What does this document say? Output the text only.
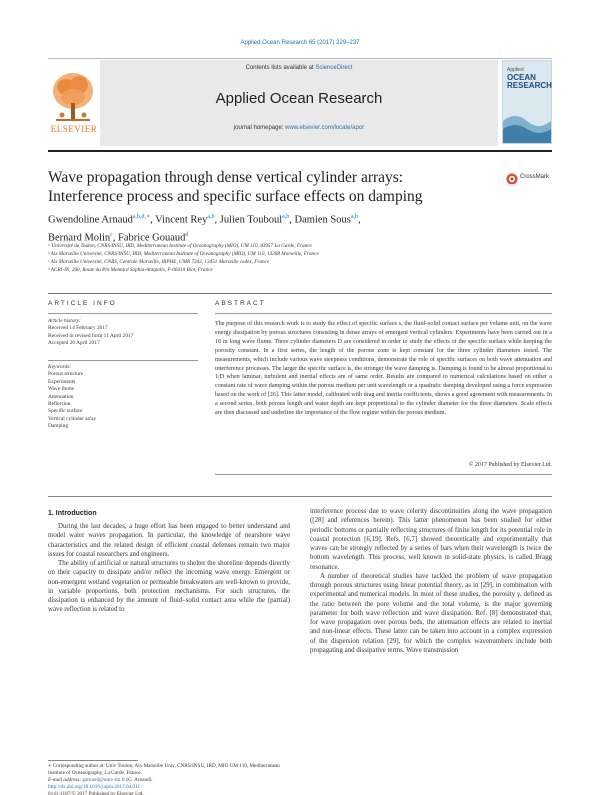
Applied Ocean Research 65 (2017) 229–237
ELSEVIER
Contents lists available at ScienceDirect
Applied Ocean Research
journal homepage: www.elsevier.com/locate/apor
Applied
OCEAN RESEARCH
Wave propagation through dense vertical cylinder arrays: Interference process and specific surface effects on damping
CrossMark
Gwendoline Arnaud$^{a,b,d,∗}$, Vincent Rey$^{a,b}$, Julien Touboul$^{a,b}$, Damien Sous$^{a,b}$,
Bernard Molin$^c$, Fabrice Gouaud$^d$
ᵃ Université de Toulon, CNRS/INSU, IRD, Mediterranean Institute of Oceanography (MIO), UM 110, 83957 La Garde, France
ᵇ Aix Marseille Université, CNRS/INSU, IRD, Mediterranean Institute of Oceanography (MIO), UM 110, 13288 Marseille, France
ᶜ Aix Marseille Université, CNRS, Centrale Marseille, IRPHE, UMR 7342, 13451 Marseille cedex, France
ᵈ ACRI-IN, 260, Route du Pin Montard Sophia-Antipolis, F-06410 Biot, France
ARTICLE INFO
Article history:
Received 14 February 2017
Received in revised form 11 April 2017
Accepted 20 April 2017
Keywords:
Porous structure
Experiments
Wave flume
Attenuation
Reflection
Specific surface
Vertical cylinder array
Damping
ABSTRACT
The purpose of this research work is to study the effect of specific surface s, the fluid–solid contact surface per volume unit, on the wave energy dissipation by porous structures consisting in dense arrays of emergent vertical cylinders. Experiments have been carried out in a 10 m long wave flume. Three cylinder diameters D are considered in order to study the effects of the specific surface while keeping the porosity constant. In a first series, the length of the porous zone is kept constant for the three cylinder diameters tested. The measurements, which include various wave steepness conditions, demonstrate the role of specific surfaces on both wave attenuation and interference processes. The larger the specific surface is, the stronger the wave damping is. Damping is found to be almost proportional to 1/D when laminar, turbulent and inertial effects are of same order. Results are compared to numerical calculations based on either a constant rate of wave damping within the porous medium per unit wavelength or a quadratic damping developed using a force expression based on the work of [26]. This latter model, calibrated with drag and inertia coefficients, shows a good agreement with measurements. In a second series, both porous length and water depth are kept proportional to the cylinder diameter for the three diameters. Scale effects are then discussed and underline the importance of the flow regime within the porous medium.
© 2017 Published by Elsevier Ltd.
1. Introduction

During the last decades, a huge effort has been engaged to better understand and model water waves propagation. In particular, the knowledge of nearshore wave characteristics and the related design of efficient coastal defenses remain two major issues for coastal researchers and engineers.

The ability of artificial or natural structures to shelter the shoreline depends directly on their capacity to dissipate and/or reflect the incoming wave energy. Emergent or non-emergent wetland vegetation or permeable breakwaters are well-known to provide, in variable proportions, both protection mechanisms. For such structures, the dissipation is enhanced by the amount of fluid–solid contact area while the (partial) wave reflection is related to

interference process due to wave celerity discontinuities along the wave propagation ([28] and references herein). This latter phenomenon has been studied for either periodic bottoms or partially reflecting structures of finite length for its potential role in coastal protection [6,19]. Refs. [6,7] showed theoretically and experimentally that waves can be strongly reflected by a series of bars when their wavelength is twice the bottom wavelength. This process, well known in solid-state physics, is called Bragg resonance.

A number of theoretical studies have tackled the problem of wave propagation through porous structures using linear potential theory, as in [29], in combination with experimental and numerical models. In most of these studies, the porosity γ, defined as the ratio between the pore volume and the total volume, is the major governing parameter for both wave reflection and wave dissipation. Ref. [8] demonstrated that, for wave propagation over porous beds, the attenuation effects are related to inertial and non-linear effects. These latter can be taken into account in a complex expression of the dispersion relation [29], for which the complex wavenumbers include both propagating and dissipative terms. Wave transmission

∗ Corresponding author at: Univ Toulon, Aix Marseille Univ, CNRS/INSU, IRD, MIO UM 110, Mediterranean Institute of Oceanography, La Garde, France.
E-mail address: garnaud@univ-tln.fr (G. Arnaud).
http://dx.doi.org/10.1016/j.apor.2017.04.011
0141-1187/© 2017 Published by Elsevier Ltd.
